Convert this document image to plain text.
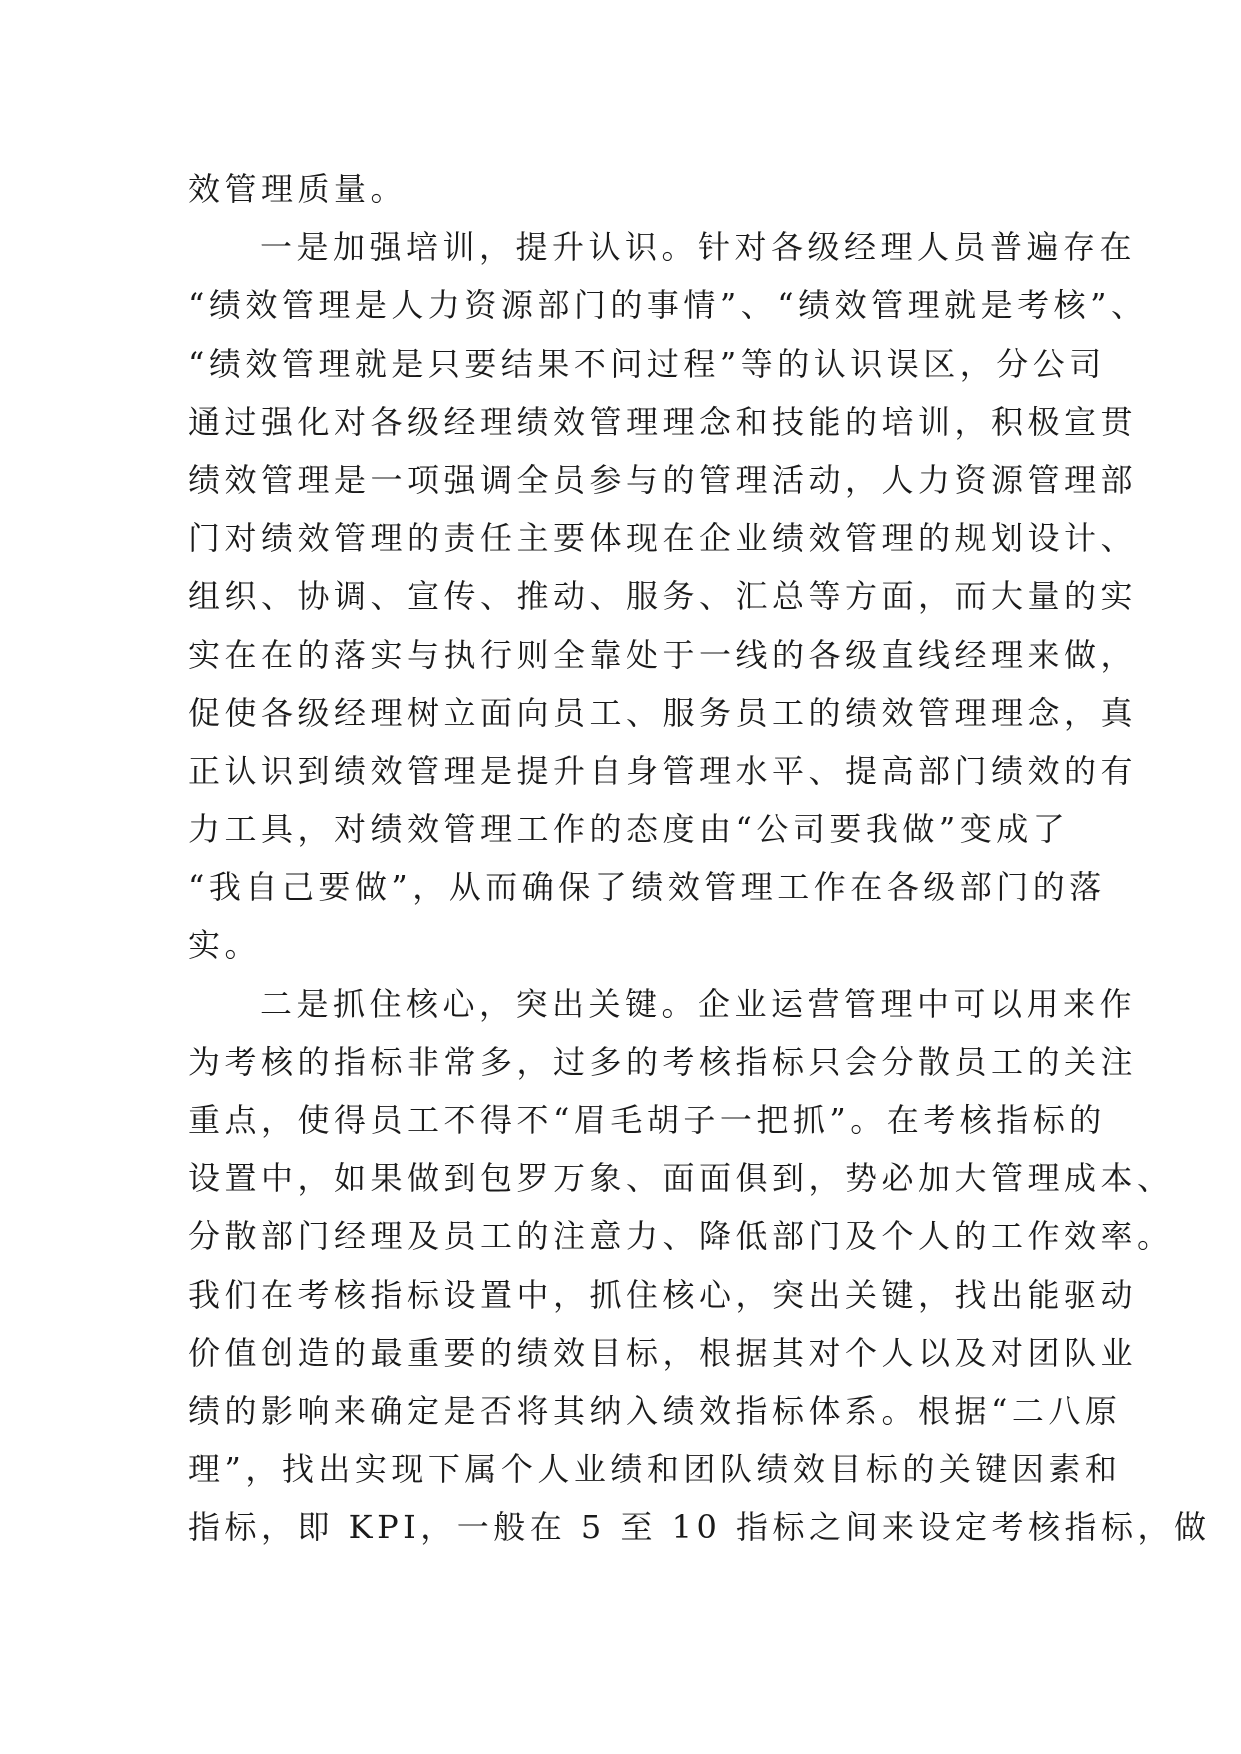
效管理质量。
一是加强培训，提升认识。针对各级经理人员普遍存在
“绩效管理是人力资源部门的事情”、“绩效管理就是考核”、
“绩效管理就是只要结果不问过程”等的认识误区，分公司
通过强化对各级经理绩效管理理念和技能的培训，积极宣贯
绩效管理是一项强调全员参与的管理活动，人力资源管理部
门对绩效管理的责任主要体现在企业绩效管理的规划设计、
组织、协调、宣传、推动、服务、汇总等方面，而大量的实
实在在的落实与执行则全靠处于一线的各级直线经理来做，
促使各级经理树立面向员工、服务员工的绩效管理理念，真
正认识到绩效管理是提升自身管理水平、提高部门绩效的有
力工具，对绩效管理工作的态度由“公司要我做”变成了
“我自己要做”，从而确保了绩效管理工作在各级部门的落
实。
二是抓住核心，突出关键。企业运营管理中可以用来作
为考核的指标非常多，过多的考核指标只会分散员工的关注
重点，使得员工不得不“眉毛胡子一把抓”。在考核指标的
设置中，如果做到包罗万象、面面俱到，势必加大管理成本、
分散部门经理及员工的注意力、降低部门及个人的工作效率。
我们在考核指标设置中，抓住核心，突出关键，找出能驱动
价值创造的最重要的绩效目标，根据其对个人以及对团队业
绩的影响来确定是否将其纳入绩效指标体系。根据“二八原
理”，找出实现下属个人业绩和团队绩效目标的关键因素和
指标，即 KPI，一般在 5 至 10 指标之间来设定考核指标，做
